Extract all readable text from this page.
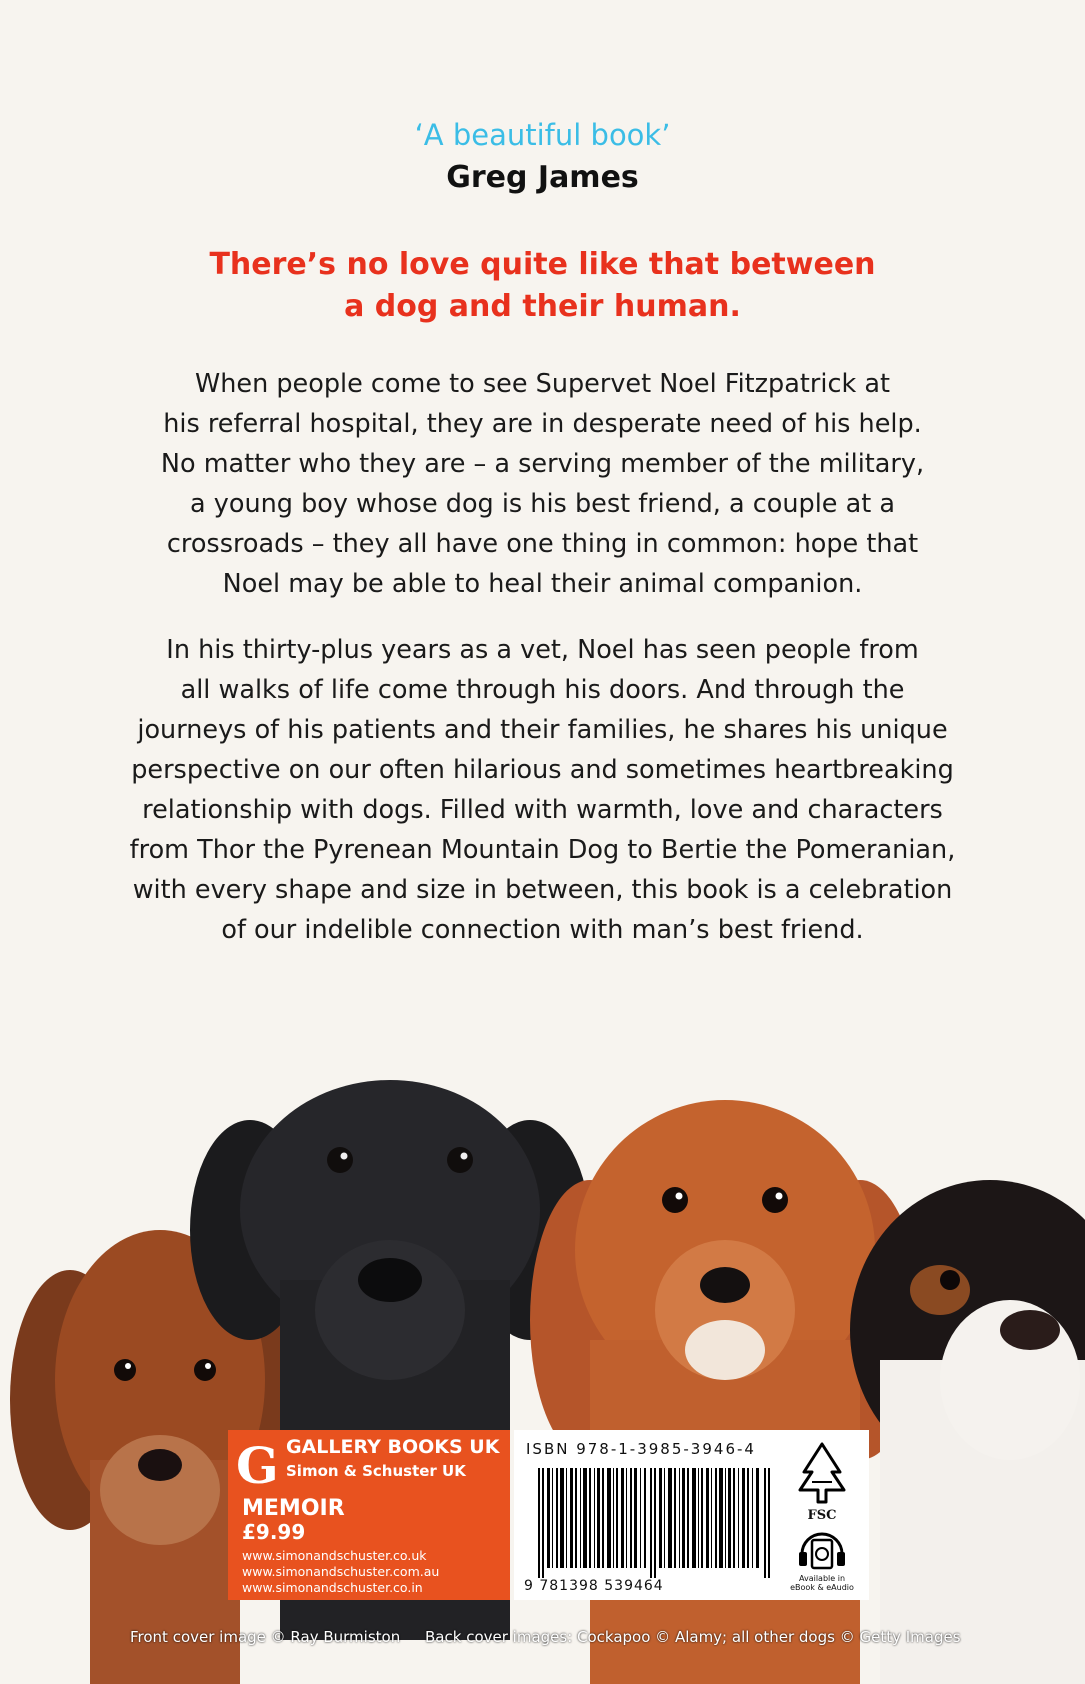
‘A beautiful book’
Greg James
There’s no love quite like that between
a dog and their human.
When people come to see Supervet Noel Fitzpatrick at
his referral hospital, they are in desperate need of his help.
No matter who they are – a serving member of the military,
a young boy whose dog is his best friend, a couple at a
crossroads – they all have one thing in common: hope that
Noel may be able to heal their animal companion.
In his thirty-plus years as a vet, Noel has seen people from
all walks of life come through his doors. And through the
journeys of his patients and their families, he shares his unique
perspective on our often hilarious and sometimes heartbreaking
relationship with dogs. Filled with warmth, love and characters
from Thor the Pyrenean Mountain Dog to Bertie the Pomeranian,
with every shape and size in between, this book is a celebration
of our indelible connection with man’s best friend.
G GALLERY BOOKS UK
Simon & Schuster UK
MEMOIR
£9.99
www.simonandschuster.co.uk
www.simonandschuster.com.au
www.simonandschuster.co.in
ISBN 978-1-3985-3946-4
9 781398 539464
FSC
Available in
eBook & eAudio
Front cover image © Ray Burmiston Back cover images: Cockapoo © Alamy; all other dogs © Getty Images
